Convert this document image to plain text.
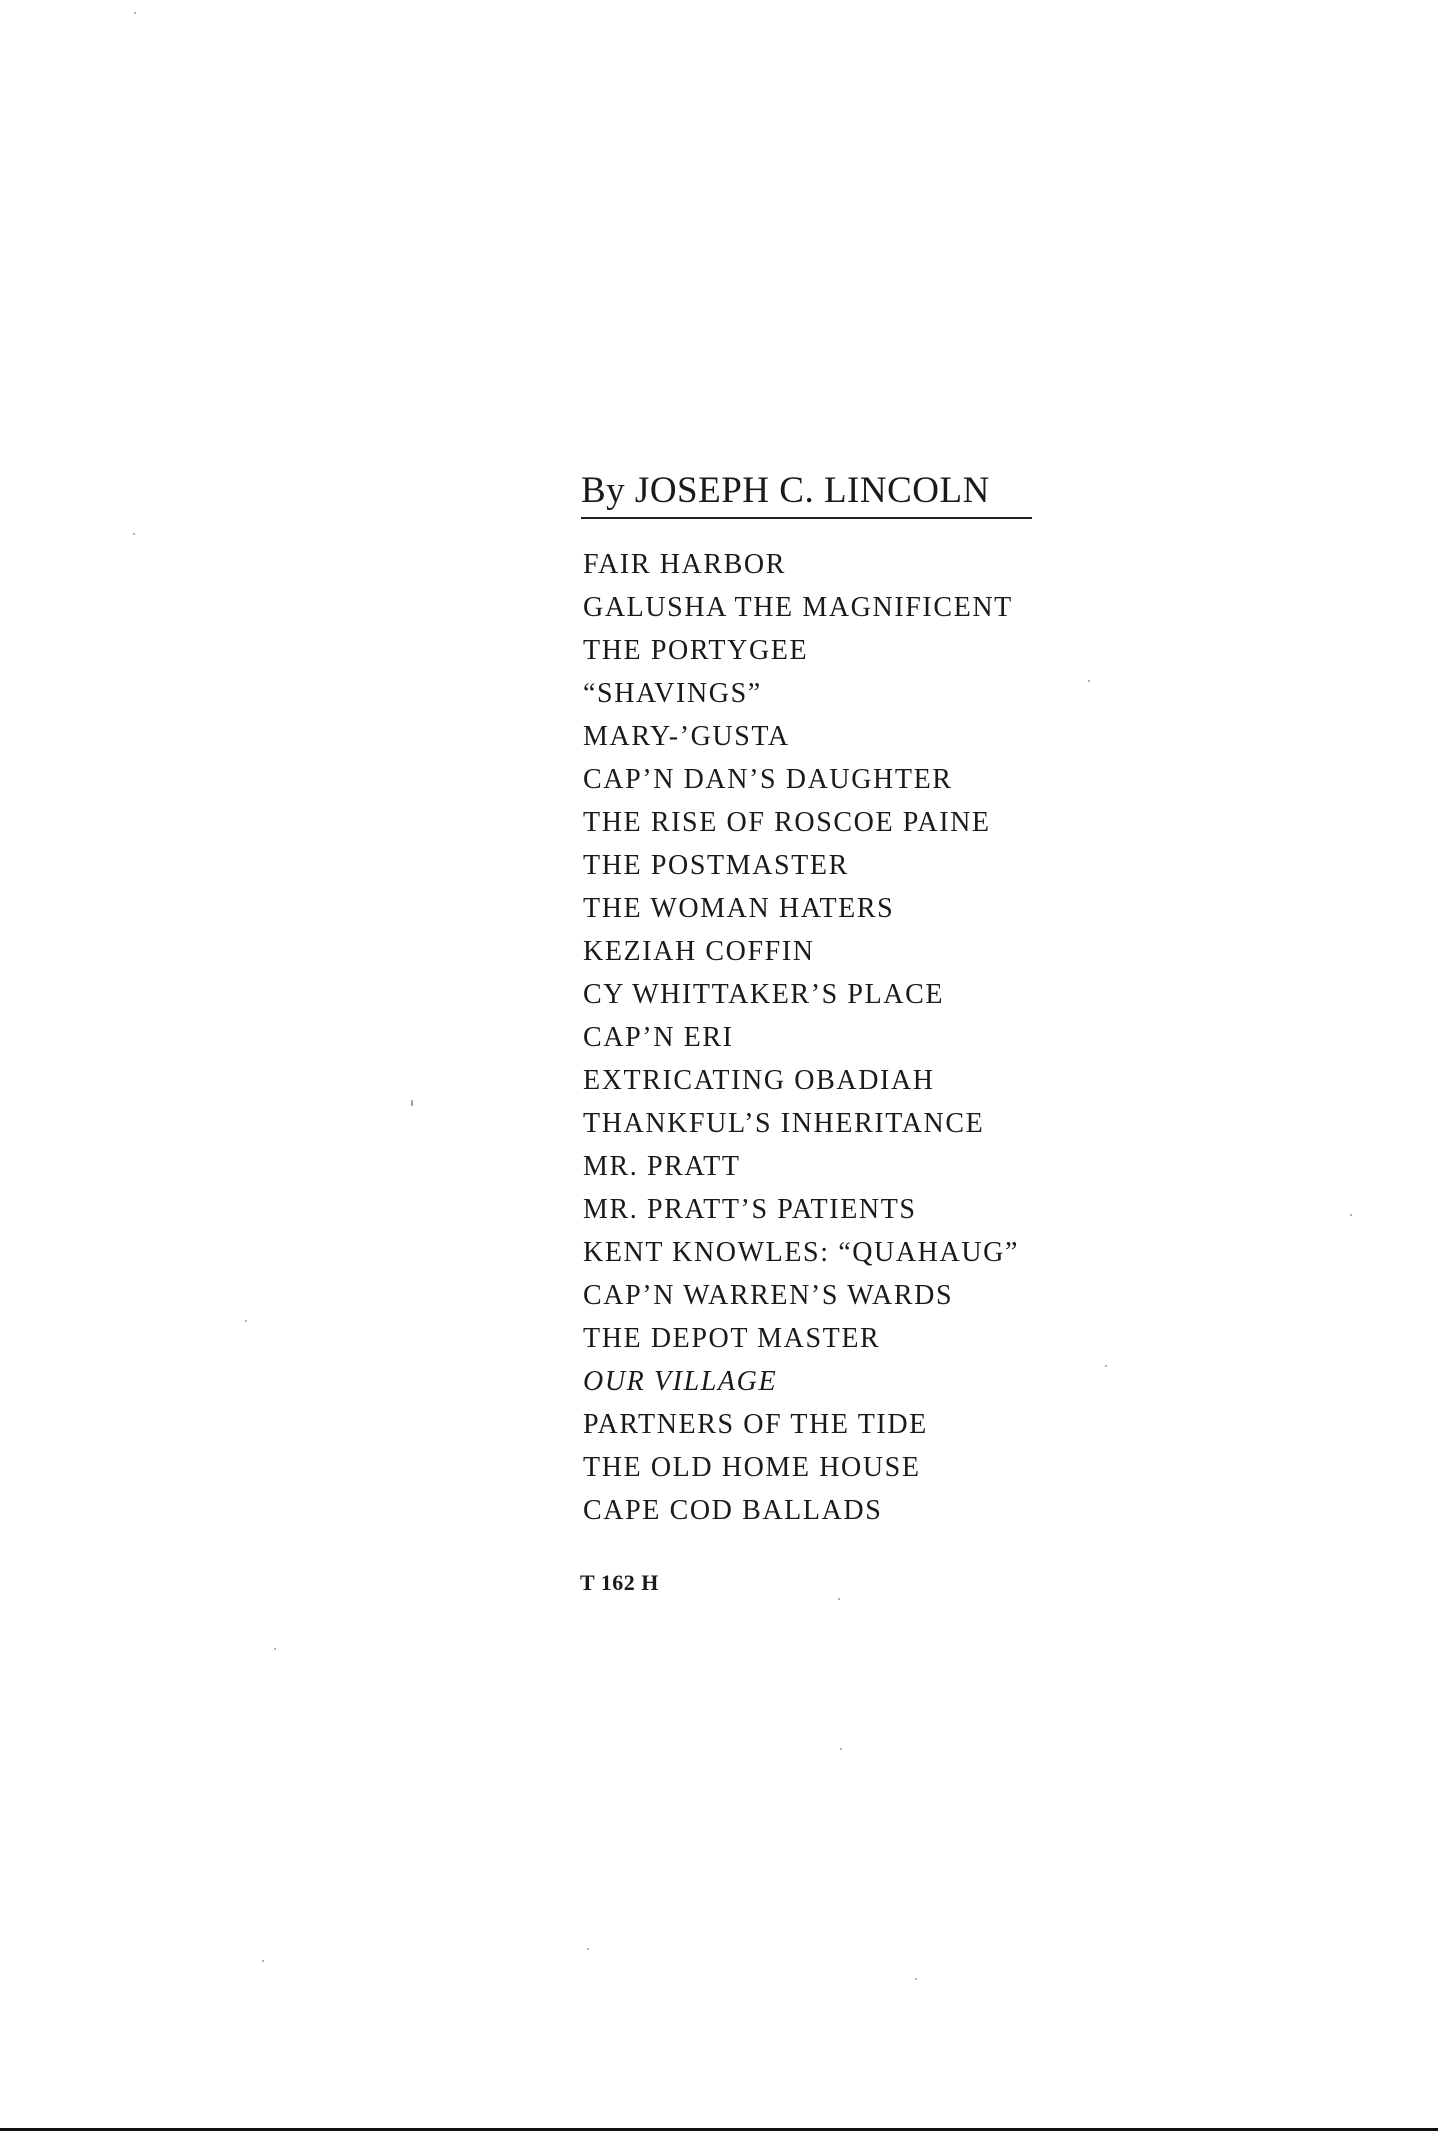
By JOSEPH C. LINCOLN
FAIR HARBOR
GALUSHA THE MAGNIFICENT
THE PORTYGEE
“SHAVINGS”
MARY-’GUSTA
CAP’N DAN’S DAUGHTER
THE RISE OF ROSCOE PAINE
THE POSTMASTER
THE WOMAN HATERS
KEZIAH COFFIN
CY WHITTAKER’S PLACE
CAP’N ERI
EXTRICATING OBADIAH
THANKFUL’S INHERITANCE
MR. PRATT
MR. PRATT’S PATIENTS
KENT KNOWLES: “QUAHAUG”
CAP’N WARREN’S WARDS
THE DEPOT MASTER
OUR VILLAGE
PARTNERS OF THE TIDE
THE OLD HOME HOUSE
CAPE COD BALLADS
T 162 H
